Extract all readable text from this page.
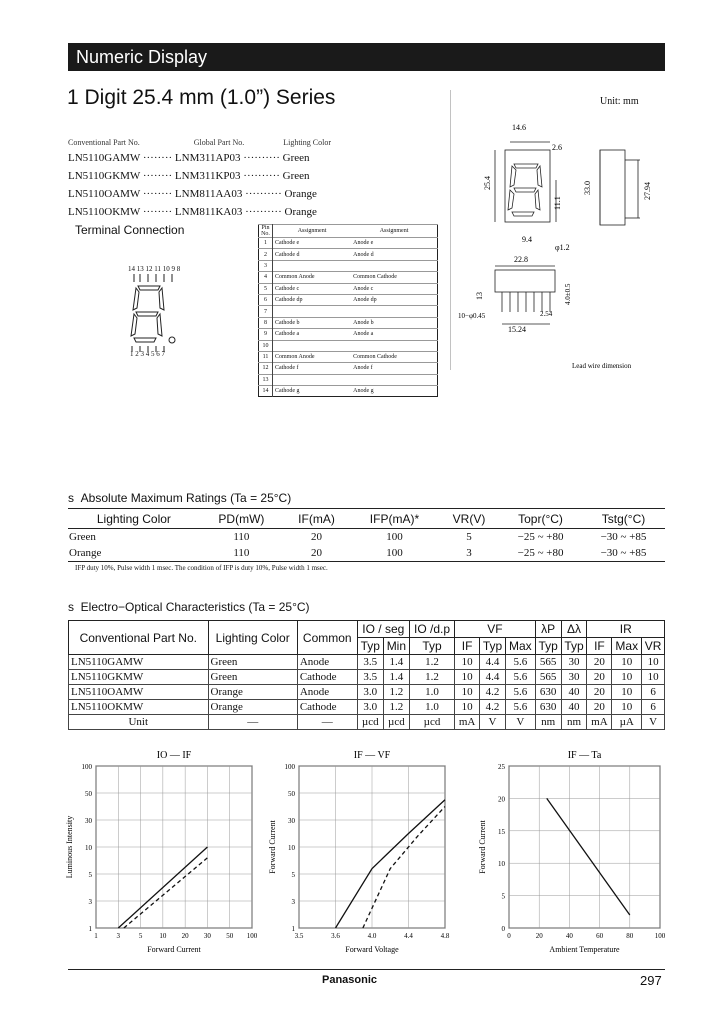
Numeric Display
1 Digit 25.4 mm (1.0”) Series	Unit: mm
Conventional Part No.	Global Part No.	Lighting Color
LN5110GAMW ········ LNM311AP03 ·········· Green
LN5110GKMW ········ LNM311KP03 ·········· Green
LN5110OAMW ········ LNM811AA03 ·········· Orange
LN5110OKMW ········ LNM811KA03 ·········· Orange
Terminal Connection
14 13 12 11 10 9 8
1 2 3 4 5 6 7
Pin No.	Assignment	Assignment
1	Cathode e	Anode e
2	Cathode d	Anode d
3		
4	Common Anode	Common Cathode
5	Cathode c	Anode c
6	Cathode dp	Anode dp
7		
8	Cathode b	Anode b
9	Cathode a	Anode a
10		
11	Common Anode	Common Cathode
12	Cathode f	Anode f
13		
14	Cathode g	Anode g
14.6
2.6
25.4
11.1
33.0	27.94
9.4
φ1.2
22.8
13	4.0±0.5
10−φ0.45	2.54
15.24
Lead wire dimension
s  Absolute Maximum Ratings (Ta = 25°C)
Lighting Color	PD(mW)	IF(mA)	IFP(mA)*	VR(V)	Topr(°C)	Tstg(°C)
Green	110	20	100	5	−25 ~ +80	−30 ~ +85
Orange	110	20	100	3	−25 ~ +80	−30 ~ +85
IFP duty 10%, Pulse width 1 msec. The condition of IFP is duty 10%, Pulse width 1 msec.
s  Electro−Optical Characteristics (Ta = 25°C)
Conventional Part No.	Lighting Color	Common	IO / seg		IO /d.p	VF			λP	Δλ	IR		
			Typ	Min	Typ	IF	Typ	Max	Typ	Typ	IF	Max	VR
LN5110GAMW	Green	Anode	3.5	1.4	1.2	10	4.4	5.6	565	30	20	10	10
LN5110GKMW	Green	Cathode	3.5	1.4	1.2	10	4.4	5.6	565	30	20	10	10
LN5110OAMW	Orange	Anode	3.0	1.2	1.0	10	4.2	5.6	630	40	20	10	6
LN5110OKMW	Orange	Cathode	3.0	1.2	1.0	10	4.2	5.6	630	40	20	10	6
Unit	—	—	µcd	µcd	µcd	mA	V	V	nm	nm	mA	µA	V
IO — IF
1	3	5 10 20 30 50 100
1
3
5
10
30
50
100
Forward Current
Luminous Intensity
IF — VF
3.5	3.6	4.0	4.4	4.8
1
3
5
10
30
50
100
Forward Voltage
Forward Current
IF — Ta
0	20	40	60	80	100
0
5
10
15
20
25
Ambient Temperature
Forward Current
Panasonic	297
